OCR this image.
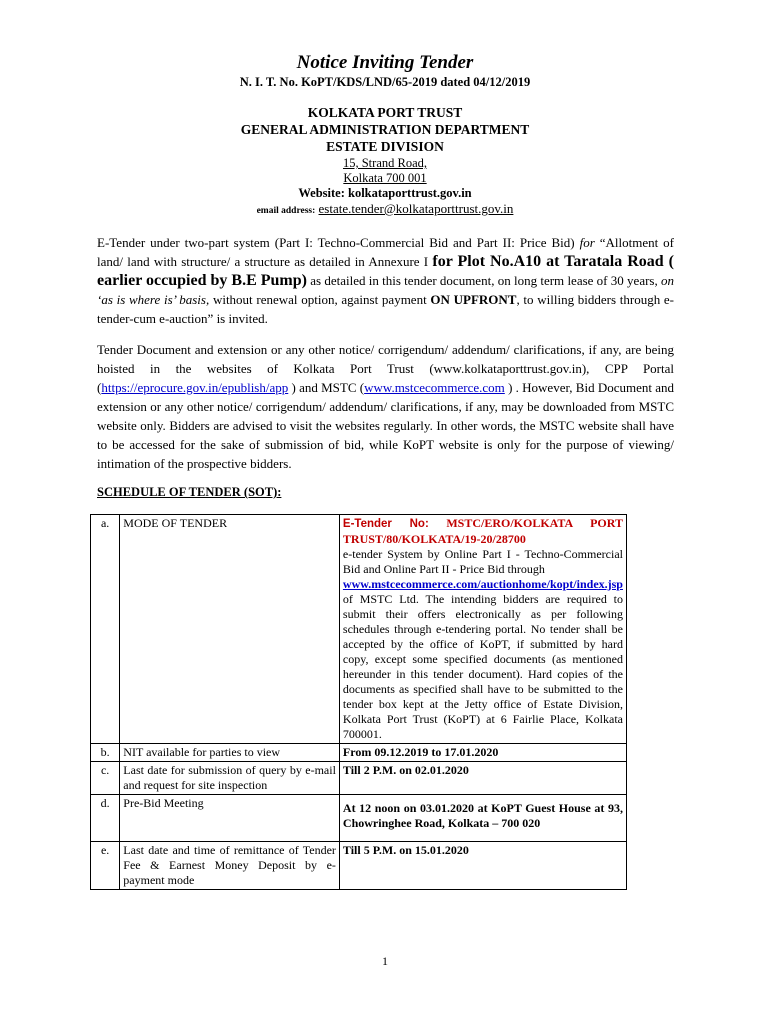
Notice Inviting Tender
N. I. T. No. KoPT/KDS/LND/65-2019 dated 04/12/2019
KOLKATA PORT TRUST
GENERAL ADMINISTRATION DEPARTMENT
ESTATE DIVISION
15, Strand Road,
Kolkata 700 001
Website: kolkataporttrust.gov.in
email address: estate.tender@kolkataporttrust.gov.in
E-Tender under two-part system (Part I: Techno-Commercial Bid and Part II: Price Bid) for “Allotment of land/ land with structure/ a structure as detailed in Annexure I for Plot No.A10 at Taratala Road ( earlier occupied by B.E Pump) as detailed in this tender document, on long term lease of 30 years, on ‘as is where is’ basis, without renewal option, against payment ON UPFRONT, to willing bidders through e-tender-cum e-auction” is invited.
Tender Document and extension or any other notice/ corrigendum/ addendum/ clarifications, if any, are being hoisted in the websites of Kolkata Port Trust (www.kolkataporttrust.gov.in), CPP Portal (https://eprocure.gov.in/epublish/app ) and MSTC (www.mstcecommerce.com ) . However, Bid Document and extension or any other notice/ corrigendum/ addendum/ clarifications, if any, may be downloaded from MSTC website only. Bidders are advised to visit the websites regularly. In other words, the MSTC website shall have to be accessed for the sake of submission of bid, while KoPT website is only for the purpose of viewing/ intimation of the prospective bidders.
SCHEDULE OF TENDER (SOT):
a.	MODE OF TENDER	E-Tender No: MSTC/ERO/KOLKATA PORT TRUST/80/KOLKATA/19-20/28700
e-tender System by Online Part I - Techno-Commercial Bid and Online Part II - Price Bid through
www.mstcecommerce.com/auctionhome/kopt/index.jsp of MSTC Ltd. The intending bidders are required to submit their offers electronically as per following schedules through e-tendering portal. No tender shall be accepted by the office of KoPT, if submitted by hard copy, except some specified documents (as mentioned hereunder in this tender document). Hard copies of the documents as specified shall have to be submitted to the tender box kept at the Jetty office of Estate Division, Kolkata Port Trust (KoPT) at 6 Fairlie Place, Kolkata 700001.
b.	NIT available for parties to view	From 09.12.2019 to 17.01.2020
c.	Last date for submission of query by e-mail and request for site inspection	Till 2 P.M. on 02.01.2020
d.	Pre-Bid Meeting	At 12 noon on 03.01.2020 at KoPT Guest House at 93, Chowringhee Road, Kolkata – 700 020
e.	Last date and time of remittance of Tender Fee & Earnest Money Deposit by e-payment mode	Till 5 P.M. on 15.01.2020
1
